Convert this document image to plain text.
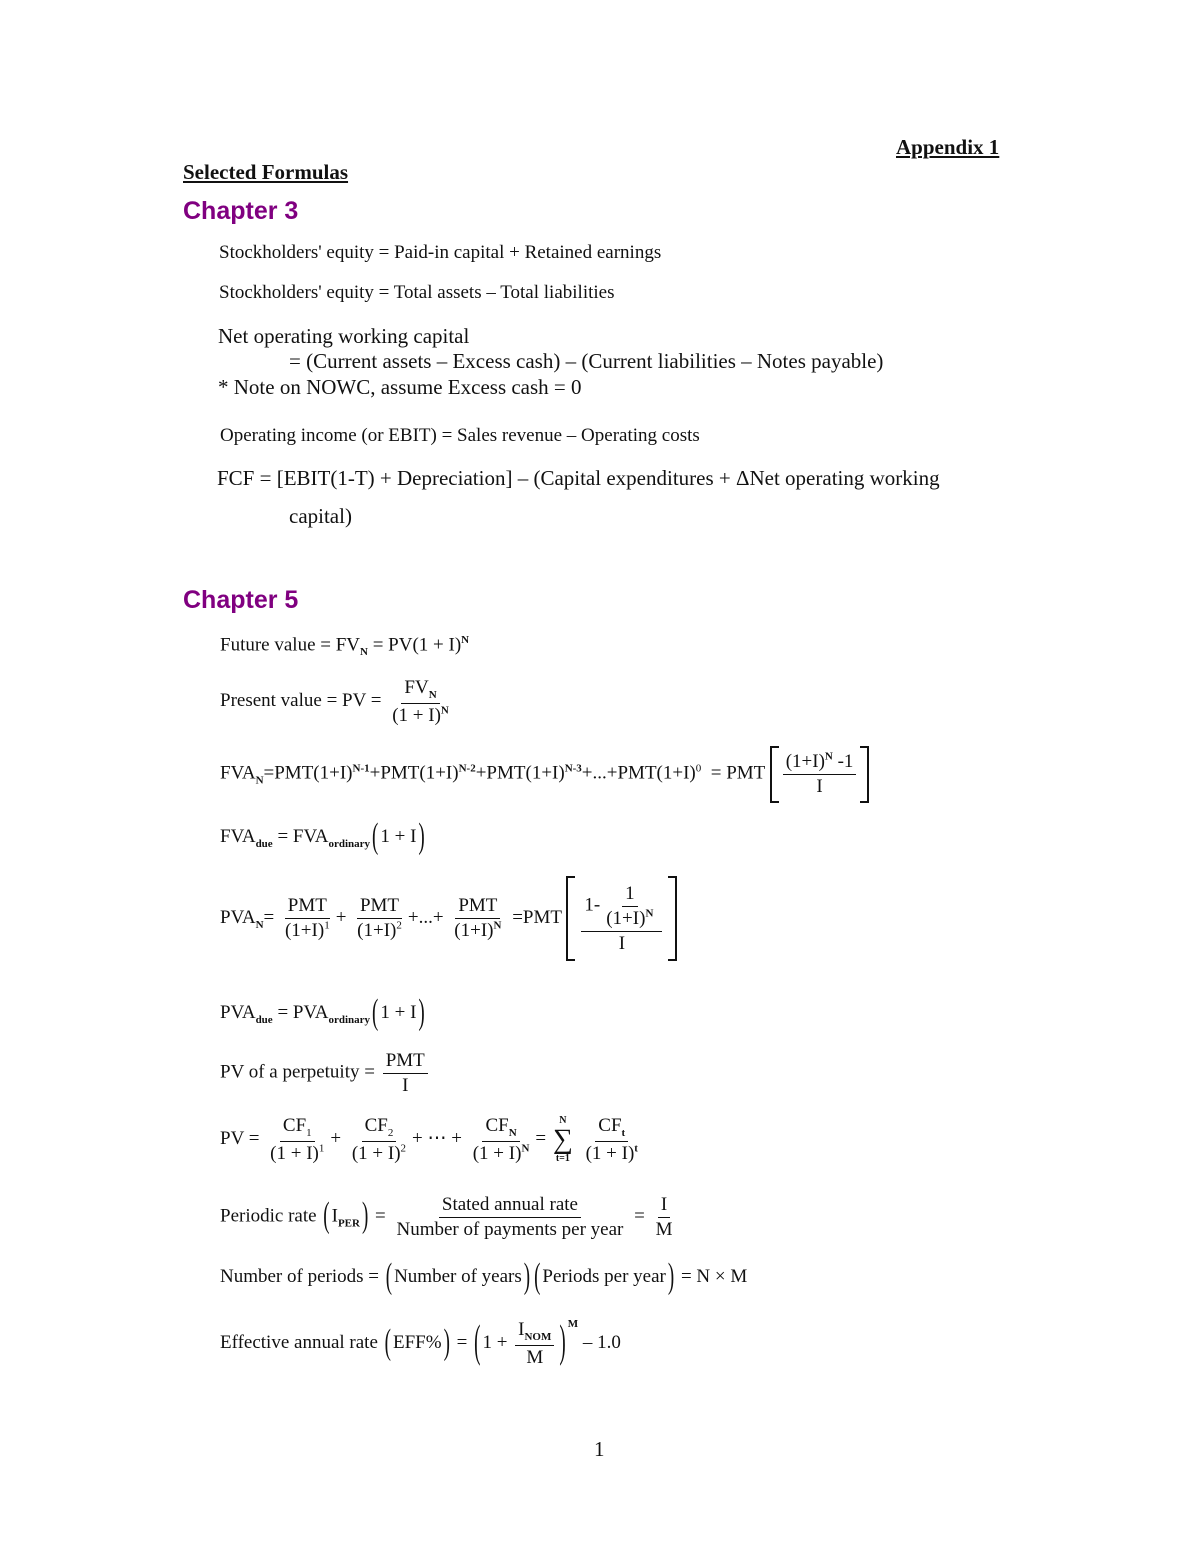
Appendix 1
Selected Formulas
Chapter 3
Stockholders' equity = Paid-in capital + Retained earnings
Stockholders' equity = Total assets – Total liabilities
Net operating working capital
= (Current assets – Excess cash) – (Current liabilities – Notes payable)
* Note on NOWC, assume Excess cash = 0
Operating income (or EBIT) = Sales revenue – Operating costs
FCF = [EBIT(1-T) + Depreciation] – (Capital expenditures + ΔNet operating working
capital)
Chapter 5
Future value = $FV_N = PV(1 + I)^N$
Present value = PV = $\frac{FV_N}{(1 + I)^N}$
$FVA_N=PMT(1+I)^{N-1}+PMT(1+I)^{N-2}+PMT(1+I)^{N-3}+...+PMT(1+I)^0$  = PMT $\frac{(1+I)^N -1}{I}$
$FVA_{due} = FVA_{ordinary}$ ( 1 + I )
$PVA_N= \frac{\text{PMT}}{(1+I)^1} + \frac{\text{PMT}}{(1+I)^2}$ +...+ $\frac{\text{PMT}}{(1+I)^N} =PMT \frac{1- \frac{1}{(1+I)^N}}{I}$
$PVA_{due} = PVA_{ordinary}$ ( 1 + I )
PV of a perpetuity = $\frac{\text{PMT}}{I}$
PV = $\frac{CF_1}{(1 + I)^1} + \frac{CF_2}{(1 + I)^2}$ + ⋯ + $\frac{CF_N}{(1 + I)^N}$ =
N
∑
t=1
$\frac{CF_t}{(1 + I)^t}$
Periodic rate ( $I_{PER}$ ) = $\frac{\text{Stated annual rate}}{\text{Number of payments per year}} = \frac{I}{M}$
Number of periods = ( Number of years ) ( Periods per year ) = N × M
Effective annual rate ( EFF% ) = ( $1 + \frac{I_{NOM}}{M}$ ) $^M$ – 1.0
1
